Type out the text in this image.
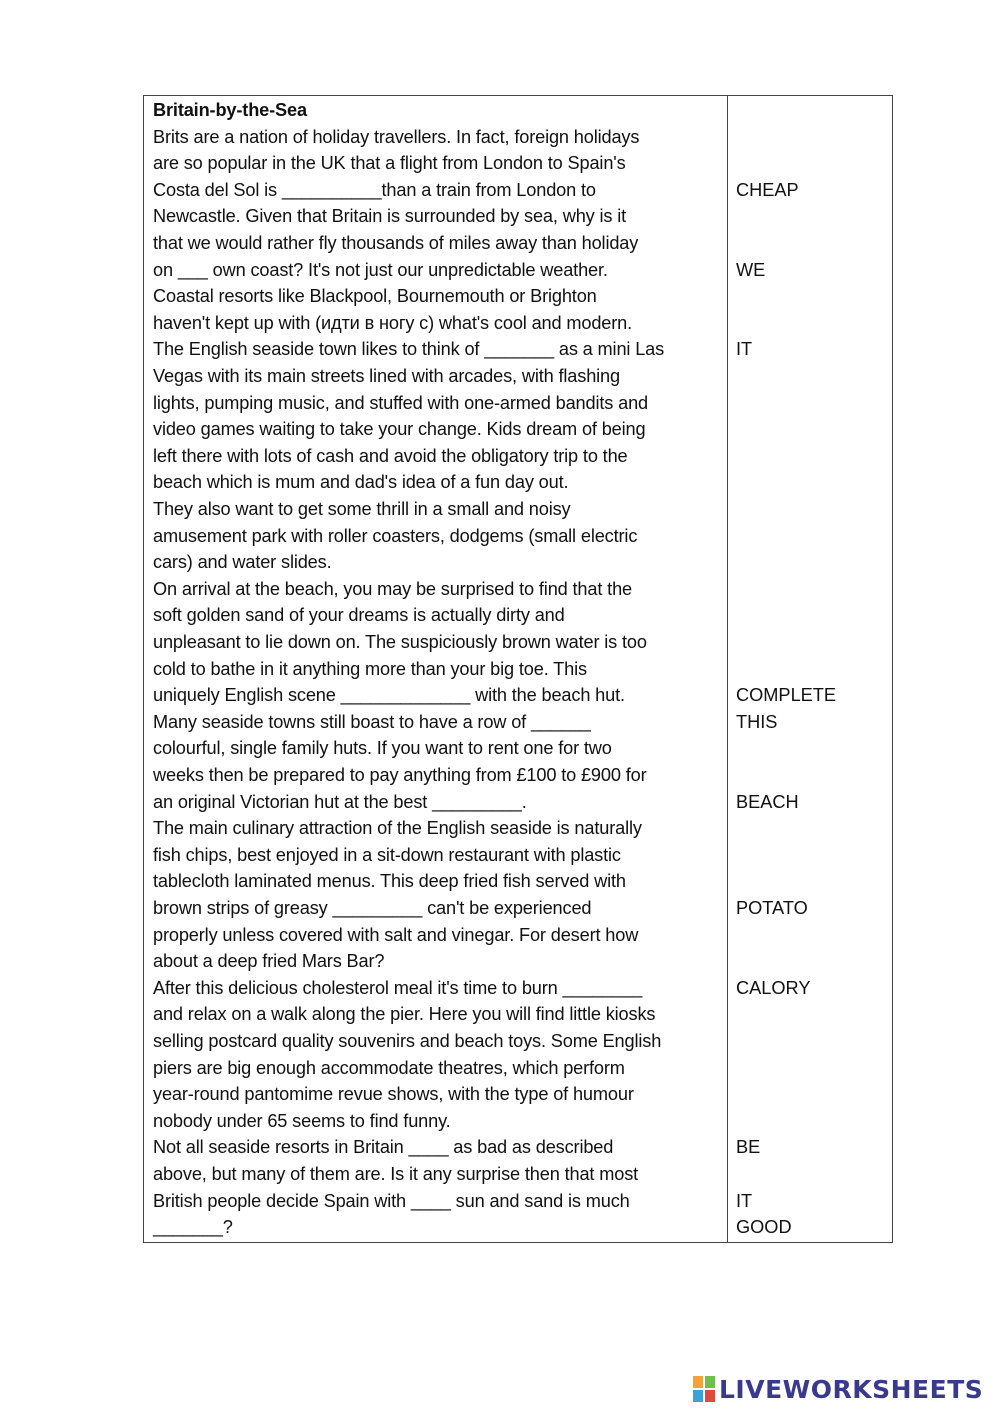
Britain-by-the-Sea
Brits are a nation of holiday travellers. In fact, foreign holidays
are so popular in the UK that a flight from London to Spain's
Costa del Sol is __________than a train from London to
Newcastle. Given that Britain is surrounded by sea, why is it
that we would rather fly thousands of miles away than holiday
on ___ own coast? It's not just our unpredictable weather.
Coastal resorts like Blackpool, Bournemouth or Brighton
haven't kept up with (идти в ногу с) what's cool and modern.
The English seaside town likes to think of _______ as a mini Las
Vegas with its main streets lined with arcades, with flashing
lights, pumping music, and stuffed with one-armed bandits and
video games waiting to take your change. Kids dream of being
left there with lots of cash and avoid the obligatory trip to the
beach which is mum and dad's idea of a fun day out.
They also want to get some thrill in a small and noisy
amusement park with roller coasters, dodgems (small electric
cars) and water slides.
On arrival at the beach, you may be surprised to find that the
soft golden sand of your dreams is actually dirty and
unpleasant to lie down on. The suspiciously brown water is too
cold to bathe in it anything more than your big toe. This
uniquely English scene _____________ with the beach hut.
Many seaside towns still boast to have a row of ______
colourful, single family huts. If you want to rent one for two
weeks then be prepared to pay anything from £100 to £900 for
an original Victorian hut at the best _________.
The main culinary attraction of the English seaside is naturally
fish chips, best enjoyed in a sit-down restaurant with plastic
tablecloth laminated menus. This deep fried fish served with
brown strips of greasy _________ can't be experienced
properly unless covered with salt and vinegar. For desert how
about a deep fried Mars Bar?
After this delicious cholesterol meal it's time to burn ________
and relax on a walk along the pier. Here you will find little kiosks
selling postcard quality souvenirs and beach toys. Some English
piers are big enough accommodate theatres, which perform
year-round pantomime revue shows, with the type of humour
nobody under 65 seems to find funny.
Not all seaside resorts in Britain ____ as bad as described
above, but many of them are. Is it any surprise then that most
British people decide Spain with ____ sun and sand is much
_______?
CHEAP
WE
IT
COMPLETE
THIS
BEACH
POTATO
CALORY
BE
IT
GOOD
LIVEWORKSHEETS
